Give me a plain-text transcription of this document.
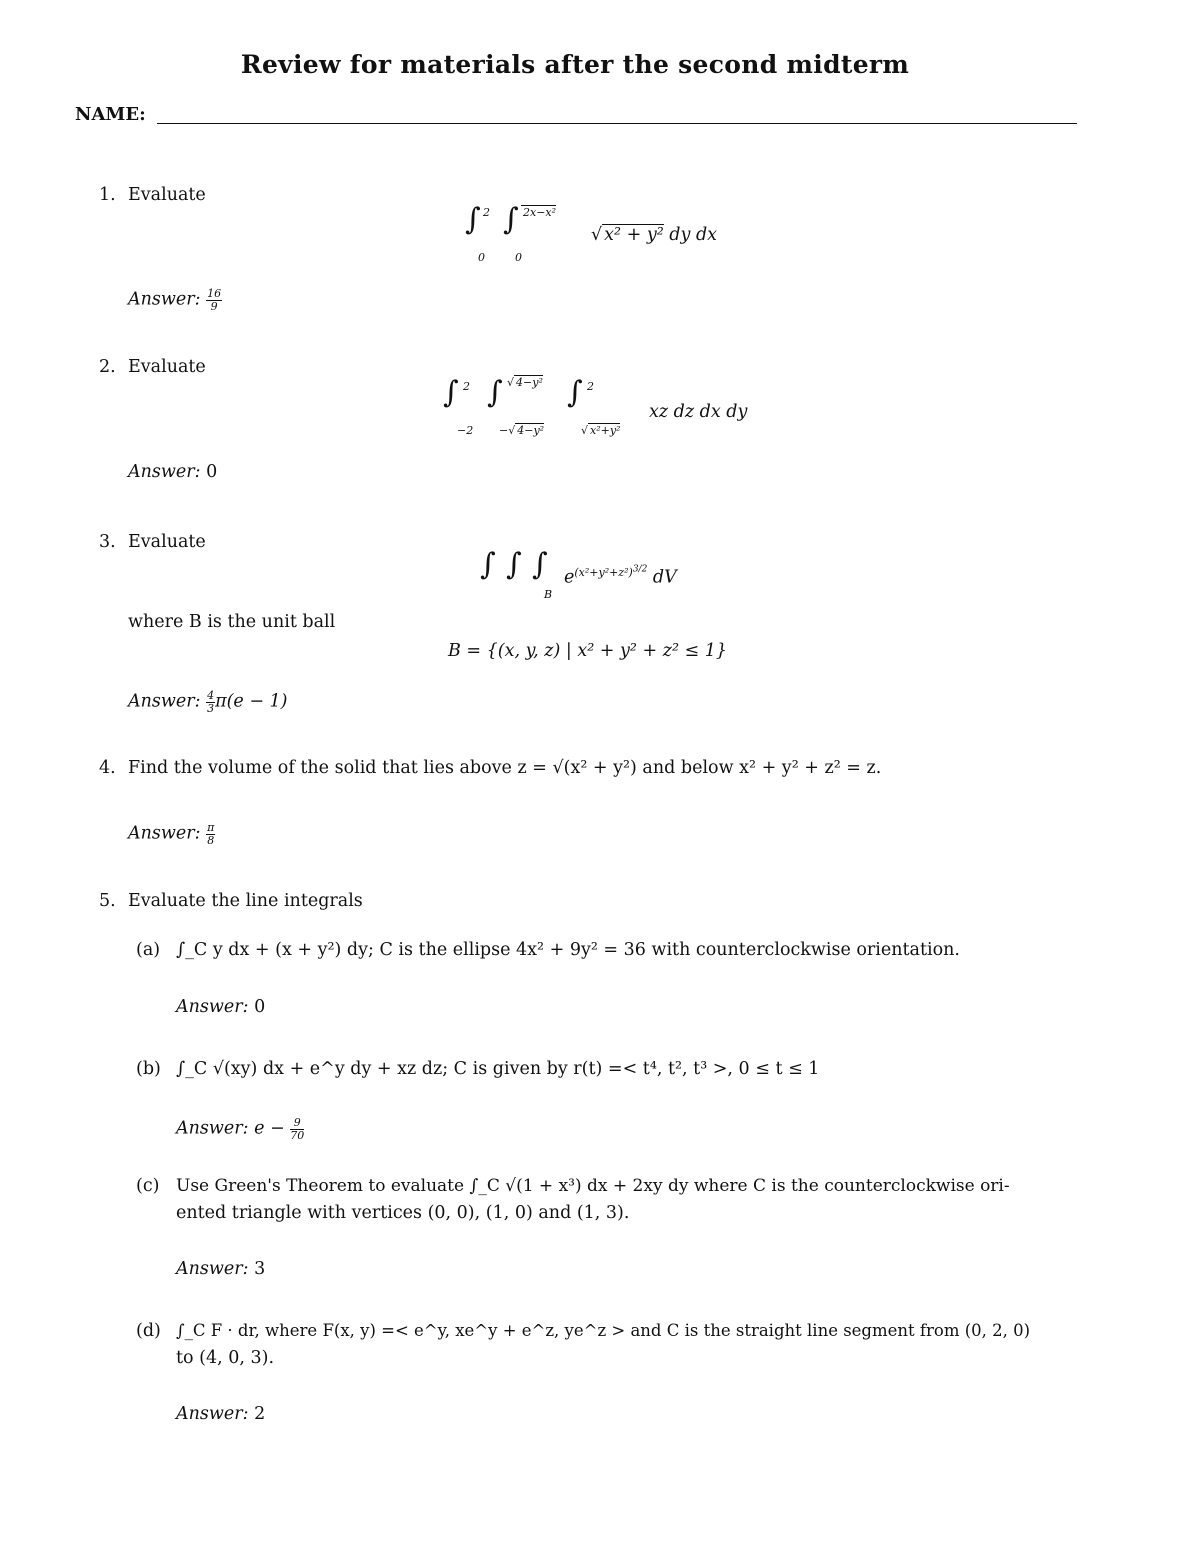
Review for materials after the second midterm
NAME:
1. Evaluate
∫ 2
0
∫ 2x−x²
0
√ x² + y² dy dx
Answer: $\frac{16}{9}$
2. Evaluate
∫ 2
−2
∫ √ 4−y²
−√ 4−y²
∫ 2
√ x²+y²
xz dz dx dy
Answer: 0
3. Evaluate
∫ ∫ ∫
B
$e^{(x^2+y^2+z^2)^{3/2}}$ dV
where B is the unit ball
B = {(x, y, z) | x² + y² + z² ≤ 1}
Answer: $\frac{4}{3} \pi(e - 1)$
4. Find the volume of the solid that lies above z = √(x² + y²) and below x² + y² + z² = z.
Answer: $\frac{\pi}{8}$
5. Evaluate the line integrals
(a) ∫_C y dx + (x + y²) dy; C is the ellipse 4x² + 9y² = 36 with counterclockwise orientation.
Answer: 0
(b) ∫_C √(xy) dx + e^y dy + xz dz; C is given by r(t) =< t⁴, t², t³ >, 0 ≤ t ≤ 1
Answer: $e - \frac{9}{70}$
(c) Use Green's Theorem to evaluate ∫_C √(1 + x³) dx + 2xy dy where C is the counterclockwise ori-
ented triangle with vertices (0, 0), (1, 0) and (1, 3).
Answer: 3
(d) ∫_C F · dr, where F(x, y) =< e^y, xe^y + e^z, ye^z > and C is the straight line segment from (0, 2, 0)
to (4, 0, 3).
Answer: 2
